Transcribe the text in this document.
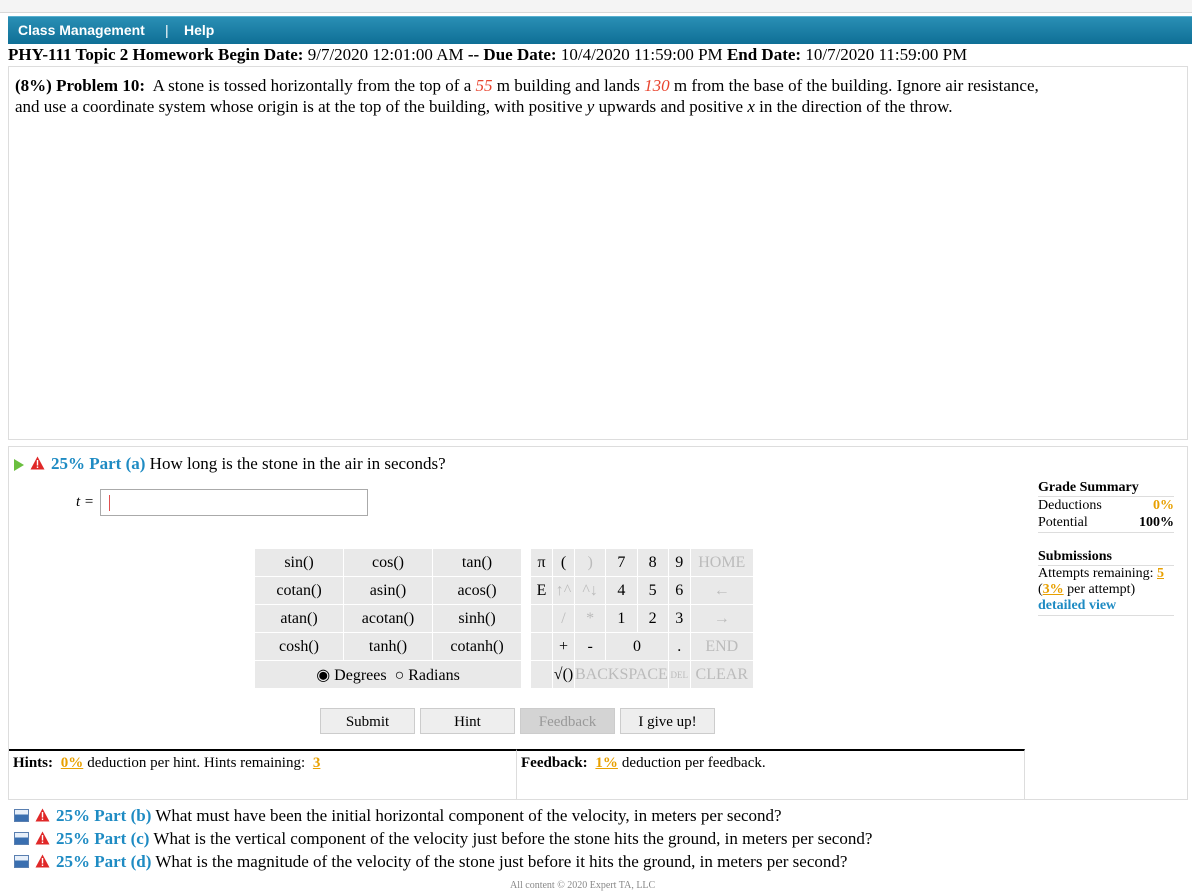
Class Management | Help
PHY-111 Topic 2 Homework Begin Date: 9/7/2020 12:01:00 AM -- Due Date: 10/4/2020 11:59:00 PM End Date: 10/7/2020 11:59:00 PM
(8%) Problem 10: A stone is tossed horizontally from the top of a 55 m building and lands 130 m from the base of the building. Ignore air resistance, and use a coordinate system whose origin is at the top of the building, with positive y upwards and positive x in the direction of the throw.
25% Part (a) How long is the stone in the air in seconds?
t =
sin()	cos()	tan()		π	(	)	7	8	9	HOME
cotan()	asin()	acos()		E	↑^	^↓	4	5	6	←
atan()	acotan()	sinh()			/	*	1	2	3	→
cosh()	tanh()	cotanh()			+	-	0		.	END
◉ Degrees ○ Radians					√()	BACKSPACE			DEL	CLEAR
Grade Summary
Deductions	0%
Potential	100%
Submissions
Attempts remaining: 5
(3% per attempt)
detailed view
Submit	Hint	Feedback	I give up!
Hints: 0% deduction per hint. Hints remaining: 3	Feedback: 1% deduction per feedback.
25% Part (b) What must have been the initial horizontal component of the velocity, in meters per second?
25% Part (c) What is the vertical component of the velocity just before the stone hits the ground, in meters per second?
25% Part (d) What is the magnitude of the velocity of the stone just before it hits the ground, in meters per second?
All content © 2020 Expert TA, LLC
